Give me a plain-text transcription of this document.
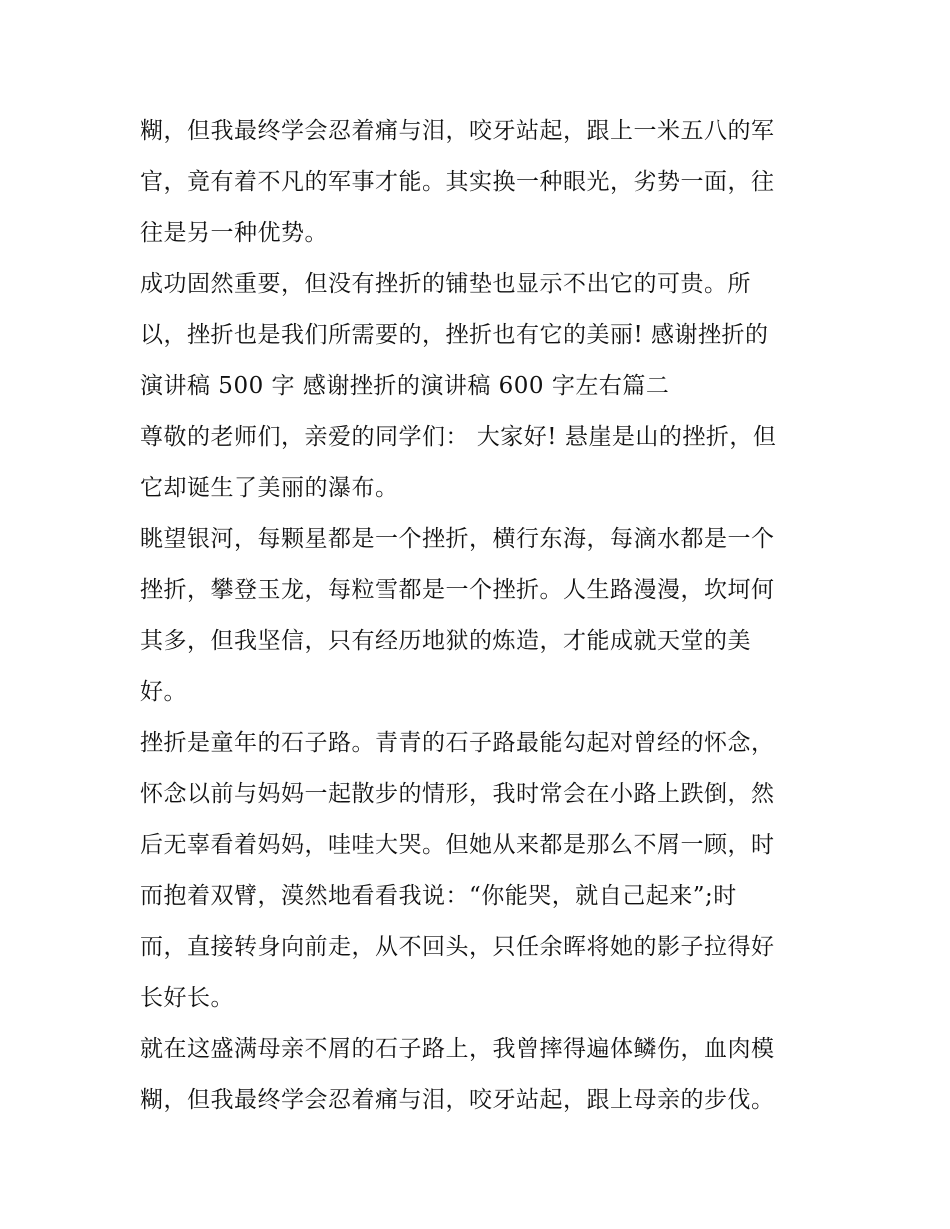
糊，但我最终学会忍着痛与泪，咬牙站起，跟上一米五八的军
官，竟有着不凡的军事才能。其实换一种眼光，劣势一面，往
往是另一种优势。
成功固然重要，但没有挫折的铺垫也显示不出它的可贵。所
以，挫折也是我们所需要的，挫折也有它的美丽! 感谢挫折的
演讲稿 500 字 感谢挫折的演讲稿 600 字左右篇二
尊敬的老师们，亲爱的同学们： 大家好! 悬崖是山的挫折，但
它却诞生了美丽的瀑布。
眺望银河，每颗星都是一个挫折，横行东海，每滴水都是一个
挫折，攀登玉龙，每粒雪都是一个挫折。人生路漫漫，坎坷何
其多，但我坚信，只有经历地狱的炼造，才能成就天堂的美
好。
挫折是童年的石子路。青青的石子路最能勾起对曾经的怀念，
怀念以前与妈妈一起散步的情形，我时常会在小路上跌倒，然
后无辜看着妈妈，哇哇大哭。但她从来都是那么不屑一顾，时
而抱着双臂，漠然地看看我说：“你能哭，就自己起来”;时
而，直接转身向前走，从不回头，只任余晖将她的影子拉得好
长好长。
就在这盛满母亲不屑的石子路上，我曾摔得遍体鳞伤，血肉模
糊，但我最终学会忍着痛与泪，咬牙站起，跟上母亲的步伐。
